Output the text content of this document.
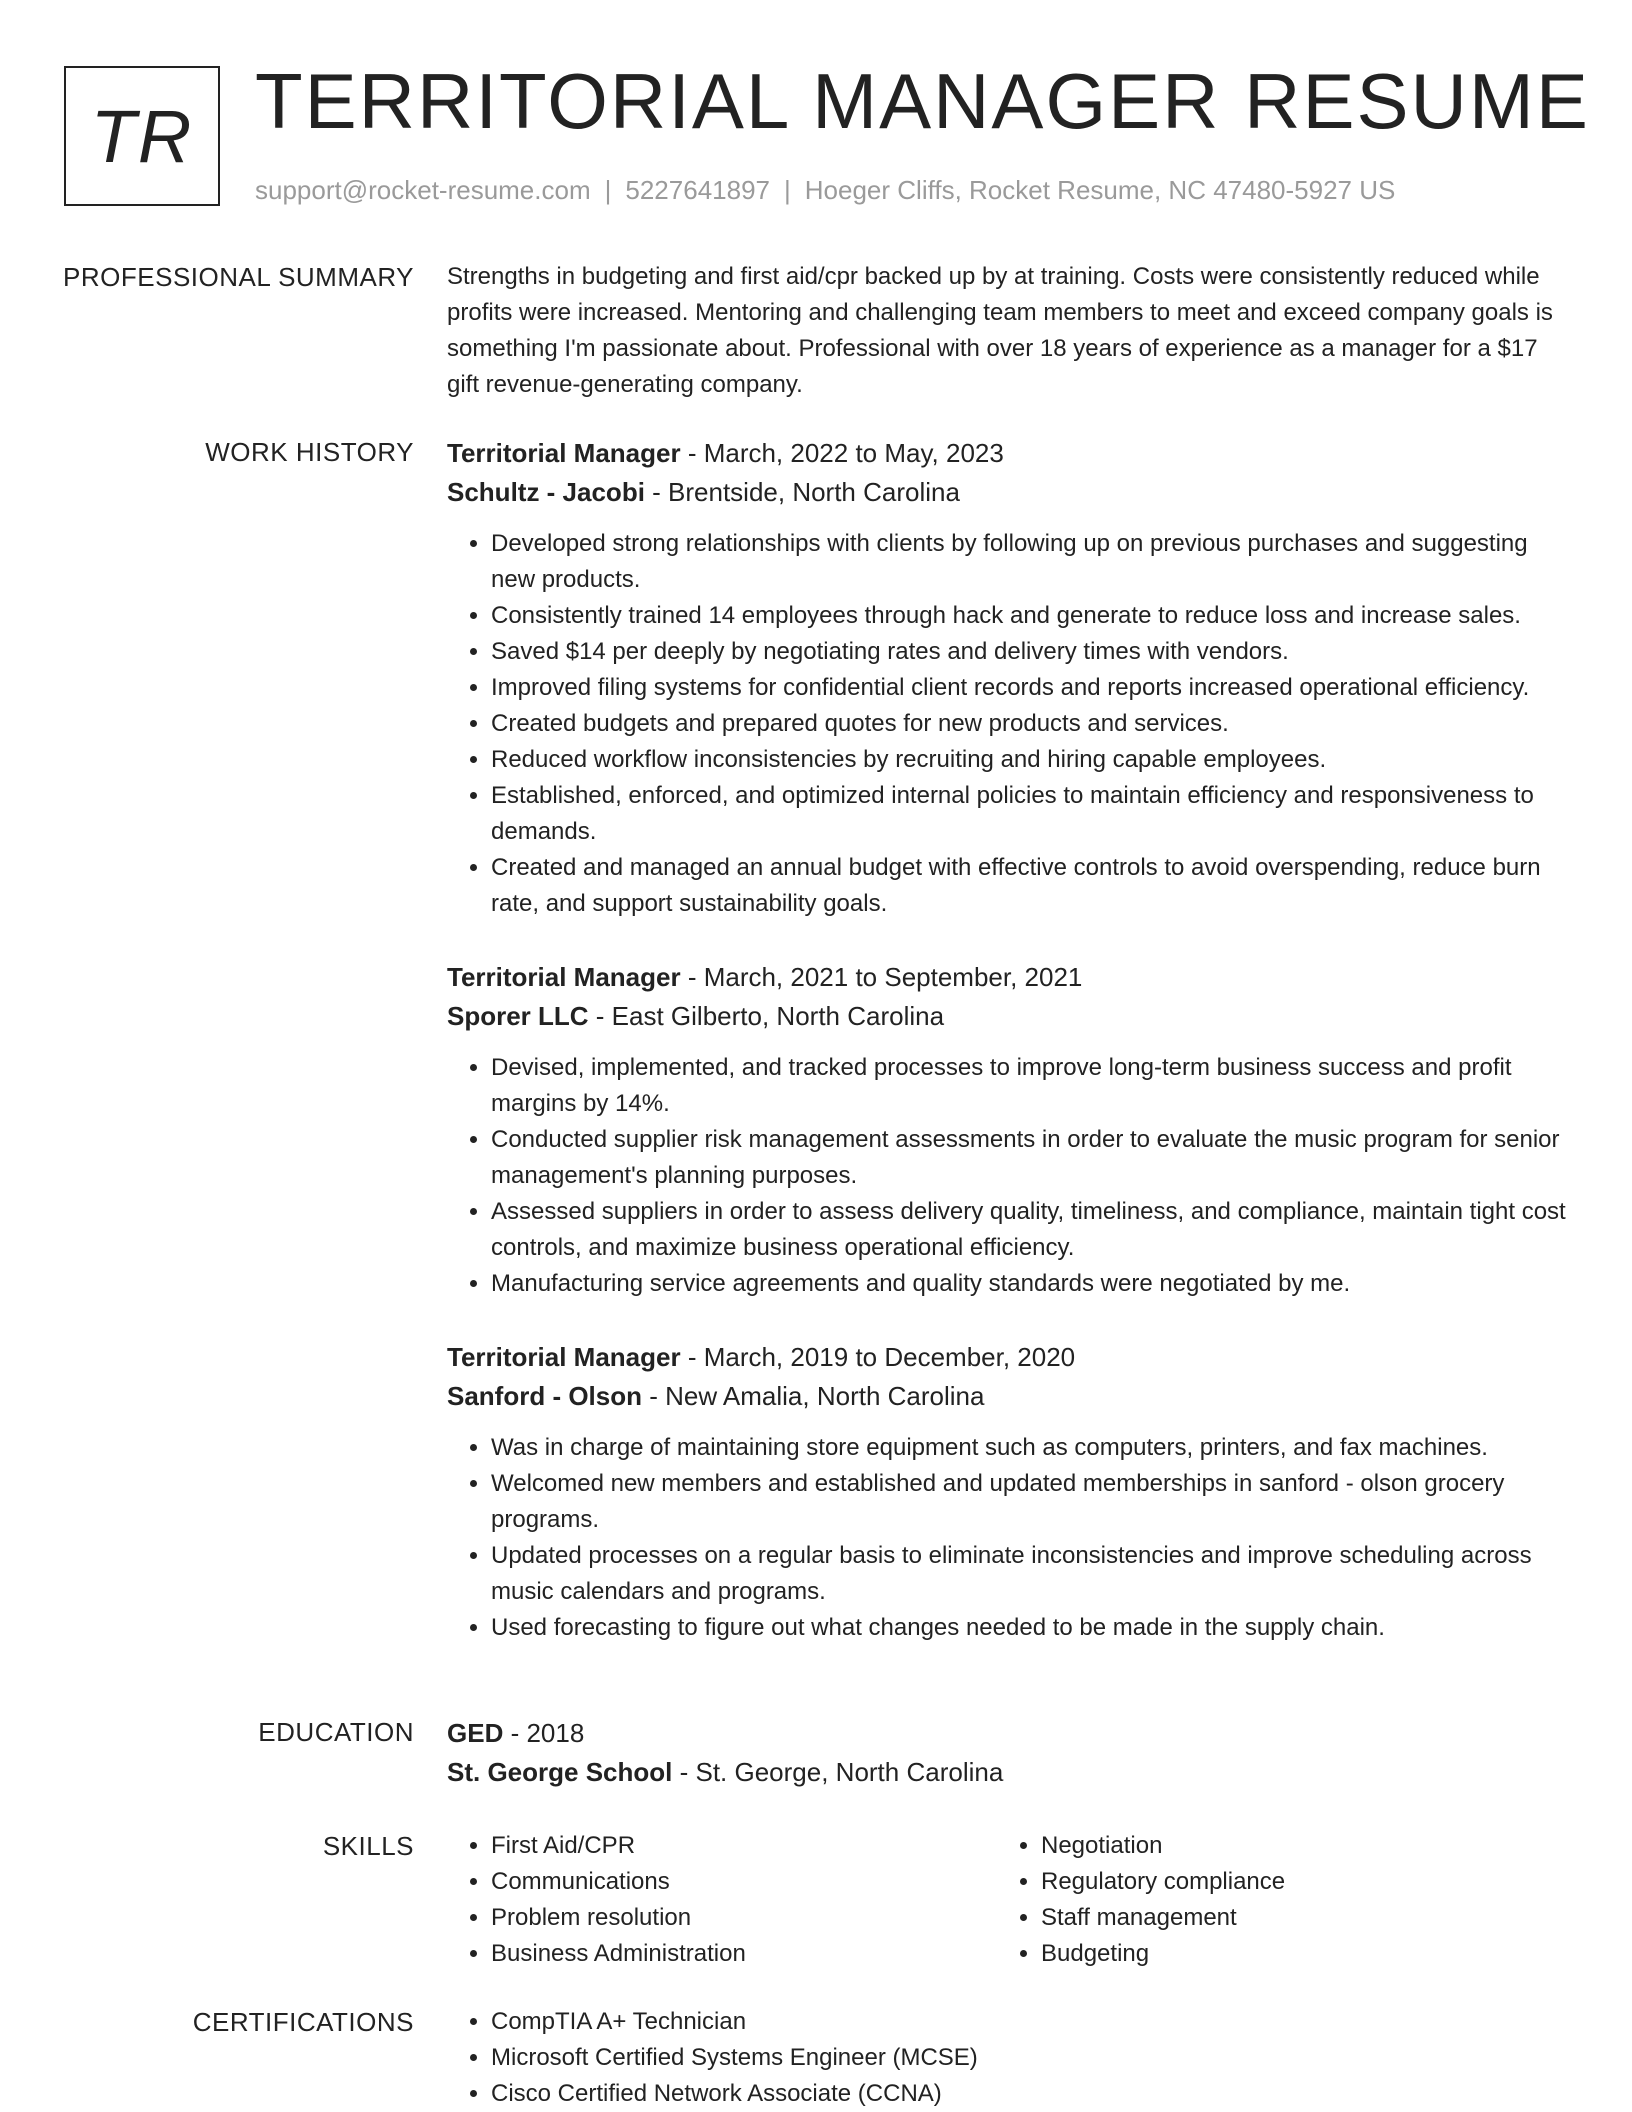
TR TERRITORIAL MANAGER RESUME
support@rocket-resume.com | 5227641897 | Hoeger Cliffs, Rocket Resume, NC 47480-5927 US
PROFESSIONAL SUMMARY Strengths in budgeting and first aid/cpr backed up by at training. Costs were consistently reduced while profits were increased. Mentoring and challenging team members to meet and exceed company goals is something I'm passionate about. Professional with over 18 years of experience as a manager for a $17 gift revenue-generating company.

WORK HISTORY Territorial Manager - March, 2022 to May, 2023
Schultz - Jacobi - Brentside, North Carolina
• Developed strong relationships with clients by following up on previous purchases and suggesting new products.
• Consistently trained 14 employees through hack and generate to reduce loss and increase sales.
• Saved $14 per deeply by negotiating rates and delivery times with vendors.
• Improved filing systems for confidential client records and reports increased operational efficiency.
• Created budgets and prepared quotes for new products and services.
• Reduced workflow inconsistencies by recruiting and hiring capable employees.
• Established, enforced, and optimized internal policies to maintain efficiency and responsiveness to demands.
• Created and managed an annual budget with effective controls to avoid overspending, reduce burn rate, and support sustainability goals.
Territorial Manager - March, 2021 to September, 2021
Sporer LLC - East Gilberto, North Carolina
• Devised, implemented, and tracked processes to improve long-term business success and profit margins by 14%.
• Conducted supplier risk management assessments in order to evaluate the music program for senior management's planning purposes.
• Assessed suppliers in order to assess delivery quality, timeliness, and compliance, maintain tight cost controls, and maximize business operational efficiency.
• Manufacturing service agreements and quality standards were negotiated by me.
Territorial Manager - March, 2019 to December, 2020
Sanford - Olson - New Amalia, North Carolina
• Was in charge of maintaining store equipment such as computers, printers, and fax machines.
• Welcomed new members and established and updated memberships in sanford - olson grocery programs.
• Updated processes on a regular basis to eliminate inconsistencies and improve scheduling across music calendars and programs.
• Used forecasting to figure out what changes needed to be made in the supply chain.
EDUCATION GED - 2018
St. George School - St. George, North Carolina
SKILLS	• First Aid/CPR
• Communications
• Problem resolution
• Business Administration
• Negotiation
• Regulatory compliance
• Staff management
• Budgeting
CERTIFICATIONS	• CompTIA A+ Technician
• Microsoft Certified Systems Engineer (MCSE)
• Cisco Certified Network Associate (CCNA)
